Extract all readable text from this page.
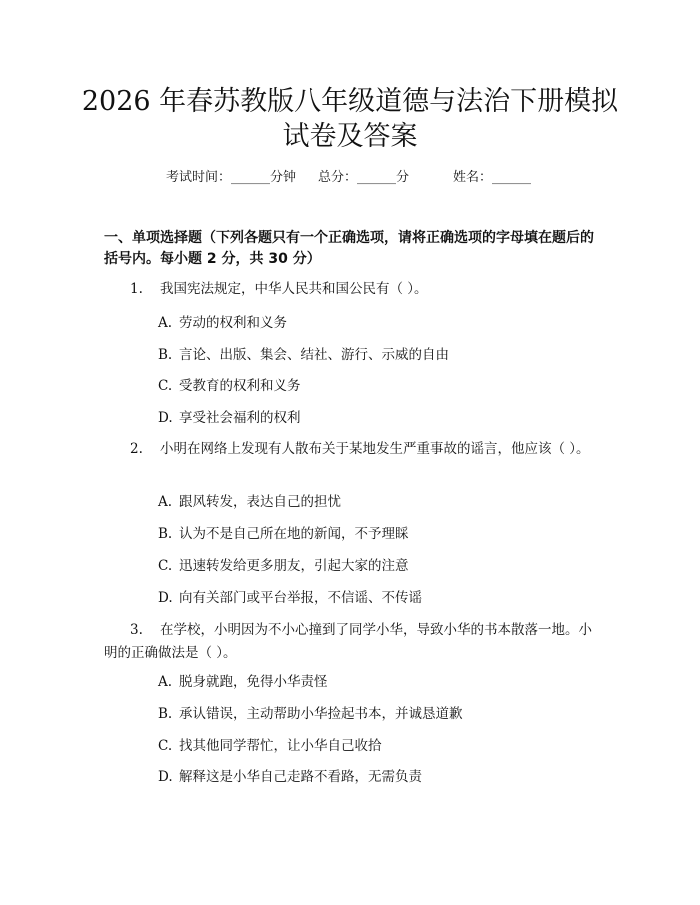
2026 年春苏教版八年级道德与法治下册模拟
试卷及答案
考试时间：______分钟 总分：______分	姓名：______

一、单项选择题（下列各题只有一个正确选项，请将正确选项的字母填在题后的括号内。每小题 2 分，共 30 分）

1. 我国宪法规定，中华人民共和国公民有（ ）。

A. 劳动的权利和义务

B. 言论、出版、集会、结社、游行、示威的自由

C. 受教育的权利和义务

D. 享受社会福利的权利

2. 小明在网络上发现有人散布关于某地发生严重事故的谣言，他应该（ ）。

A. 跟风转发，表达自己的担忧

B. 认为不是自己所在地的新闻，不予理睬

C. 迅速转发给更多朋友，引起大家的注意

D. 向有关部门或平台举报，不信谣、不传谣

3. 在学校，小明因为不小心撞到了同学小华，导致小华的书本散落一地。小明的正确做法是（ ）。

A. 脱身就跑，免得小华责怪

B. 承认错误，主动帮助小华捡起书本，并诚恳道歉

C. 找其他同学帮忙，让小华自己收拾

D. 解释这是小华自己走路不看路，无需负责
